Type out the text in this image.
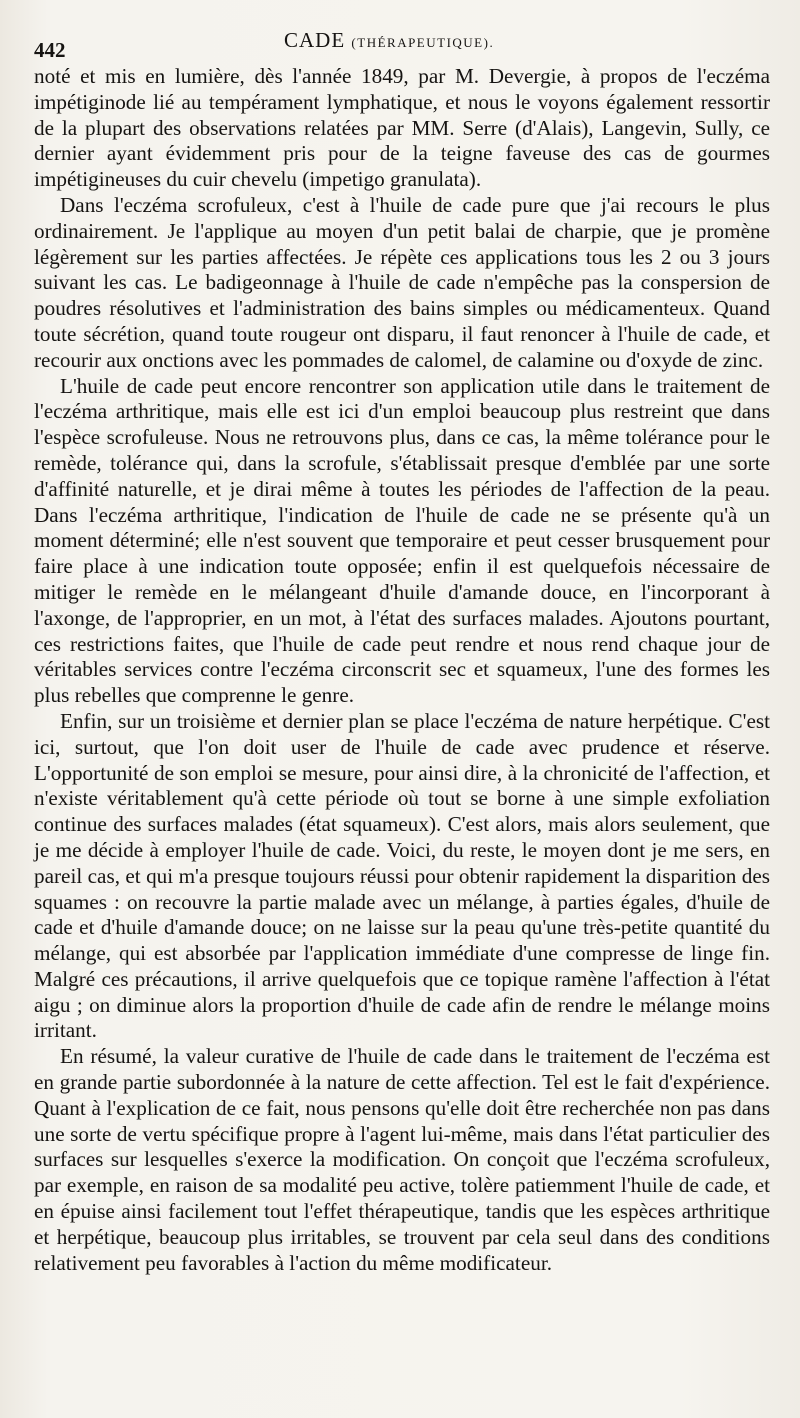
442	CADE (THÉRAPEUTIQUE).

noté et mis en lumière, dès l'année 1849, par M. Devergie, à propos de l'eczéma impétiginode lié au tempérament lymphatique, et nous le voyons également ressortir de la plupart des observations relatées par MM. Serre (d'Alais), Langevin, Sully, ce dernier ayant évidemment pris pour de la teigne faveuse des cas de gourmes impétigineuses du cuir chevelu (impetigo granulata).

Dans l'eczéma scrofuleux, c'est à l'huile de cade pure que j'ai recours le plus ordinairement. Je l'applique au moyen d'un petit balai de charpie, que je promène légèrement sur les parties affectées. Je répète ces applications tous les 2 ou 3 jours suivant les cas. Le badigeonnage à l'huile de cade n'empêche pas la conspersion de poudres résolutives et l'administration des bains simples ou médicamenteux. Quand toute sécrétion, quand toute rougeur ont disparu, il faut renoncer à l'huile de cade, et recourir aux onctions avec les pommades de calomel, de calamine ou d'oxyde de zinc.

L'huile de cade peut encore rencontrer son application utile dans le traitement de l'eczéma arthritique, mais elle est ici d'un emploi beaucoup plus restreint que dans l'espèce scrofuleuse. Nous ne retrouvons plus, dans ce cas, la même tolérance pour le remède, tolérance qui, dans la scrofule, s'établissait presque d'emblée par une sorte d'affinité naturelle, et je dirai même à toutes les périodes de l'affection de la peau. Dans l'eczéma arthritique, l'indication de l'huile de cade ne se présente qu'à un moment déterminé; elle n'est souvent que temporaire et peut cesser brusquement pour faire place à une indication toute opposée; enfin il est quelquefois nécessaire de mitiger le remède en le mélangeant d'huile d'amande douce, en l'incorporant à l'axonge, de l'approprier, en un mot, à l'état des surfaces malades. Ajoutons pourtant, ces restrictions faites, que l'huile de cade peut rendre et nous rend chaque jour de véritables services contre l'eczéma circonscrit sec et squameux, l'une des formes les plus rebelles que comprenne le genre.

Enfin, sur un troisième et dernier plan se place l'eczéma de nature herpétique. C'est ici, surtout, que l'on doit user de l'huile de cade avec prudence et réserve. L'opportunité de son emploi se mesure, pour ainsi dire, à la chronicité de l'affection, et n'existe véritablement qu'à cette période où tout se borne à une simple exfoliation continue des surfaces malades (état squameux). C'est alors, mais alors seulement, que je me décide à employer l'huile de cade. Voici, du reste, le moyen dont je me sers, en pareil cas, et qui m'a presque toujours réussi pour obtenir rapidement la disparition des squames : on recouvre la partie malade avec un mélange, à parties égales, d'huile de cade et d'huile d'amande douce; on ne laisse sur la peau qu'une très-petite quantité du mélange, qui est absorbée par l'application immédiate d'une compresse de linge fin. Malgré ces précautions, il arrive quelquefois que ce topique ramène l'affection à l'état aigu ; on diminue alors la proportion d'huile de cade afin de rendre le mélange moins irritant.

En résumé, la valeur curative de l'huile de cade dans le traitement de l'eczéma est en grande partie subordonnée à la nature de cette affection. Tel est le fait d'expérience. Quant à l'explication de ce fait, nous pensons qu'elle doit être recherchée non pas dans une sorte de vertu spécifique propre à l'agent lui-même, mais dans l'état particulier des surfaces sur lesquelles s'exerce la modification. On conçoit que l'eczéma scrofuleux, par exemple, en raison de sa modalité peu active, tolère patiemment l'huile de cade, et en épuise ainsi facilement tout l'effet thérapeutique, tandis que les espèces arthritique et herpétique, beaucoup plus irritables, se trouvent par cela seul dans des conditions relativement peu favorables à l'action du même modificateur.
